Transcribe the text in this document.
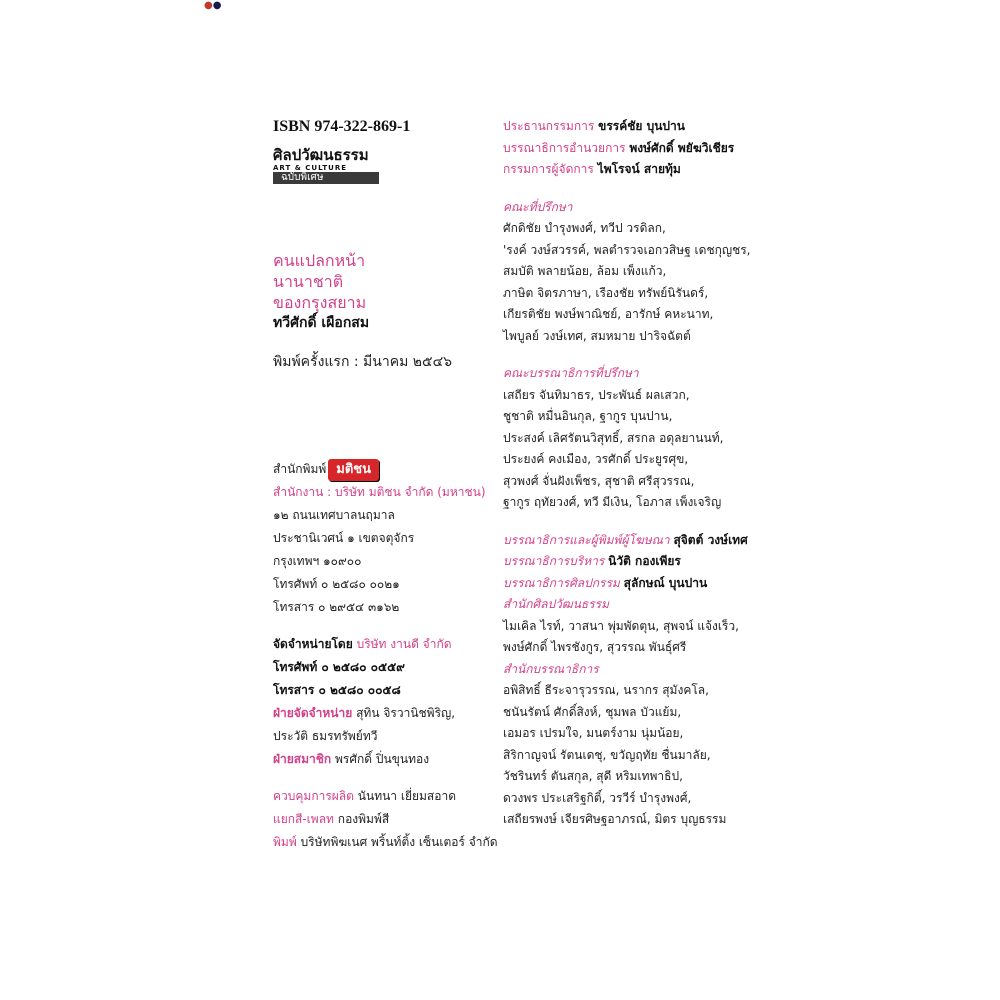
●●
ISBN 974-322-869-1
ศิลปวัฒนธรรม
ART & CULTURE
ฉบับพิเศษ
คนแปลกหน้า
นานาชาติ
ของกรุงสยาม
ทวีศักดิ์ เผือกสม
พิมพ์ครั้งแรก : มีนาคม ๒๕๔๖
สำนักพิมพ์ มติชน
สำนักงาน : บริษัท มติชน จำกัด (มหาชน)
๑๒ ถนนเทศบาลนฤมาล
ประชานิเวศน์ ๑ เขตจตุจักร
กรุงเทพฯ ๑๐๙๐๐
โทรศัพท์ ๐ ๒๕๘๐ ๐๐๒๑
โทรสาร ๐ ๒๙๕๔ ๓๑๖๒
จัดจำหน่ายโดย บริษัท งานดี จำกัด
โทรศัพท์ ๐ ๒๕๘๐ ๐๕๕๙
โทรสาร ๐ ๒๕๘๐ ๐๐๕๘
ฝ่ายจัดจำหน่าย สุทิน จิรวานิชพิริญ,
ประวัติ ธมรทรัพย์ทวี
ฝ่ายสมาชิก พรศักดิ์ ปิ่นขุนทอง
ควบคุมการผลิต นันทนา เยี่ยมสอาด
แยกสี-เพลท กองพิมพ์สี
พิมพ์ บริษัทพิฆเนศ พริ้นท์ติ้ง เซ็นเตอร์ จำกัด
ประธานกรรมการ ขรรค์ชัย บุนปาน
บรรณาธิการอำนวยการ พงษ์ศักดิ์ พยัฆวิเชียร
กรรมการผู้จัดการ ไพโรจน์ สายทุ้ม
คณะที่ปรึกษา
ศักดิชัย บำรุงพงศ์, ทวีป วรดิลก,
'รงค์ วงษ์สวรรค์, พลตำรวจเอกวสิษฐ เดชกุญชร,
สมบัติ พลายน้อย, ล้อม เพ็งแก้ว,
ภาษิต จิตรภาษา, เรืองชัย ทรัพย์นิรันดร์,
เกียรติชัย พงษ์พาณิชย์, อารักษ์ คหะนาท,
ไพบูลย์ วงษ์เทศ, สมหมาย ปาริจฉัตต์
คณะบรรณาธิการที่ปรึกษา
เสถียร จันทิมาธร, ประพันธ์ ผลเสวก,
ชูชาติ หมื่นอินกุล, ฐากูร บุนปาน,
ประสงค์ เลิศรัตนวิสุทธิ์, สรกล อดุลยานนท์,
ประยงค์ คงเมือง, วรศักดิ์ ประยูรศุข,
สุวพงศ์ จั่นฝังเพ็ชร, สุชาติ ศรีสุวรรณ,
ฐากูร ฤทัยวงศ์, ทวี มีเงิน, โอภาส เพ็งเจริญ
บรรณาธิการและผู้พิมพ์ผู้โฆษณา สุจิตต์ วงษ์เทศ
บรรณาธิการบริหาร นิวัติ กองเพียร
บรรณาธิการศิลปกรรม สุลักษณ์ บุนปาน
สำนักศิลปวัฒนธรรม
ไมเคิล ไรท์, วาสนา พุ่มพัดตุน, สุพจน์ แจ้งเร็ว,
พงษ์ศักดิ์ ไพรชังกูร, สุวรรณ พันธุ์ศรี
สำนักบรรณาธิการ
อพิสิทธิ์ ธีระจารุวรรณ, นรากร สุมังคโล,
ชนันรัตน์ ศักดิ์สิงห์, ชุมพล บัวแย้ม,
เอมอร เปรมใจ, มนตร์งาม นุ่มน้อย,
สิริกาญจน์ รัตนเดชุ, ขวัญฤทัย ชื่นมาลัย,
วัชรินทร์ ตันสกุล, สุดี หริมเทพาธิป,
ดวงพร ประเสริฐกิติ์, วรวีร์ บำรุงพงศ์,
เสถียรพงษ์ เจียรศิษฐอาภรณ์, มิตร บุญธรรม
